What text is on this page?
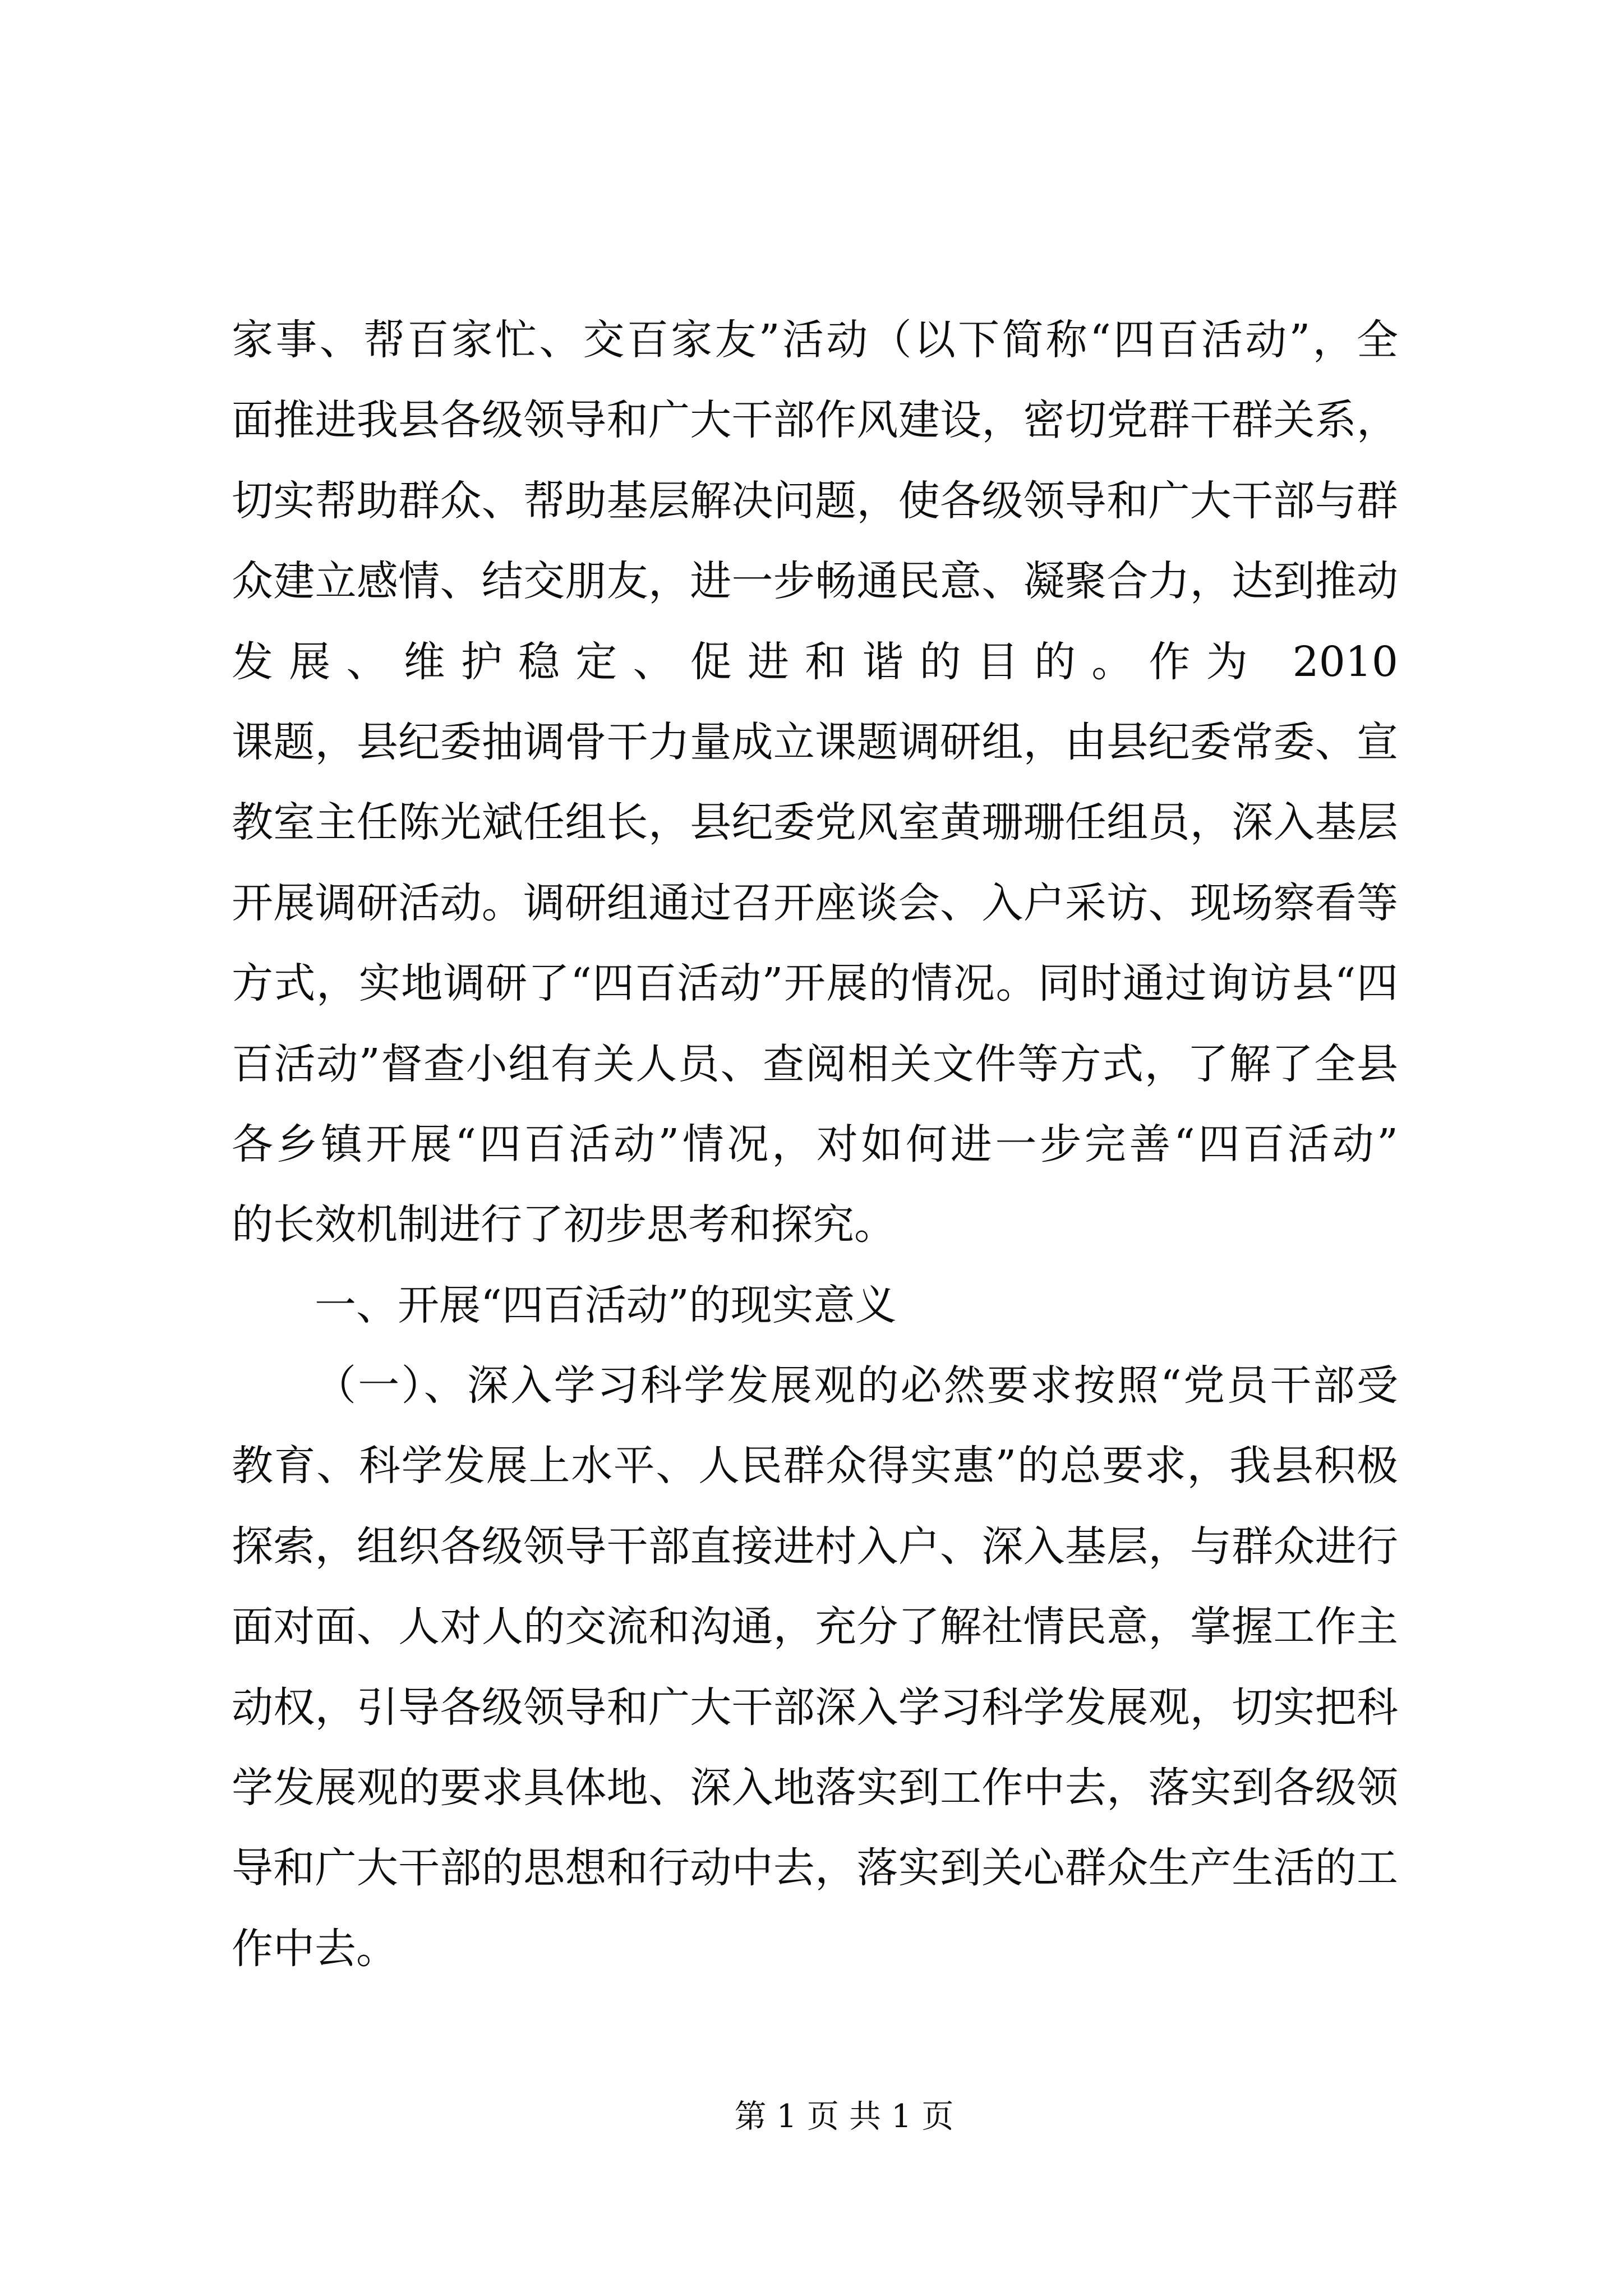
家事、帮百家忙、交百家友”活动（以下简称“四百活动”，全
面推进我县各级领导和广大干部作风建设，密切党群干群关系，
切实帮助群众、帮助基层解决问题，使各级领导和广大干部与群
众建立感情、结交朋友，进一步畅通民意、凝聚合力，达到推动
发展、维护稳定、促进和谐的目的。作为 2010
课题，县纪委抽调骨干力量成立课题调研组，由县纪委常委、宣
教室主任陈光斌任组长，县纪委党风室黄珊珊任组员，深入基层
开展调研活动。调研组通过召开座谈会、入户采访、现场察看等
方式，实地调研了“四百活动”开展的情况。同时通过询访县“四
百活动”督查小组有关人员、查阅相关文件等方式，了解了全县
各乡镇开展“四百活动”情况，对如何进一步完善“四百活动”
的长效机制进行了初步思考和探究。
一、开展“四百活动”的现实意义
（一）、深入学习科学发展观的必然要求按照“党员干部受
教育、科学发展上水平、人民群众得实惠”的总要求，我县积极
探索，组织各级领导干部直接进村入户、深入基层，与群众进行
面对面、人对人的交流和沟通，充分了解社情民意，掌握工作主
动权，引导各级领导和广大干部深入学习科学发展观，切实把科
学发展观的要求具体地、深入地落实到工作中去，落实到各级领
导和广大干部的思想和行动中去，落实到关心群众生产生活的工
作中去。
第 1 页 共 1 页
